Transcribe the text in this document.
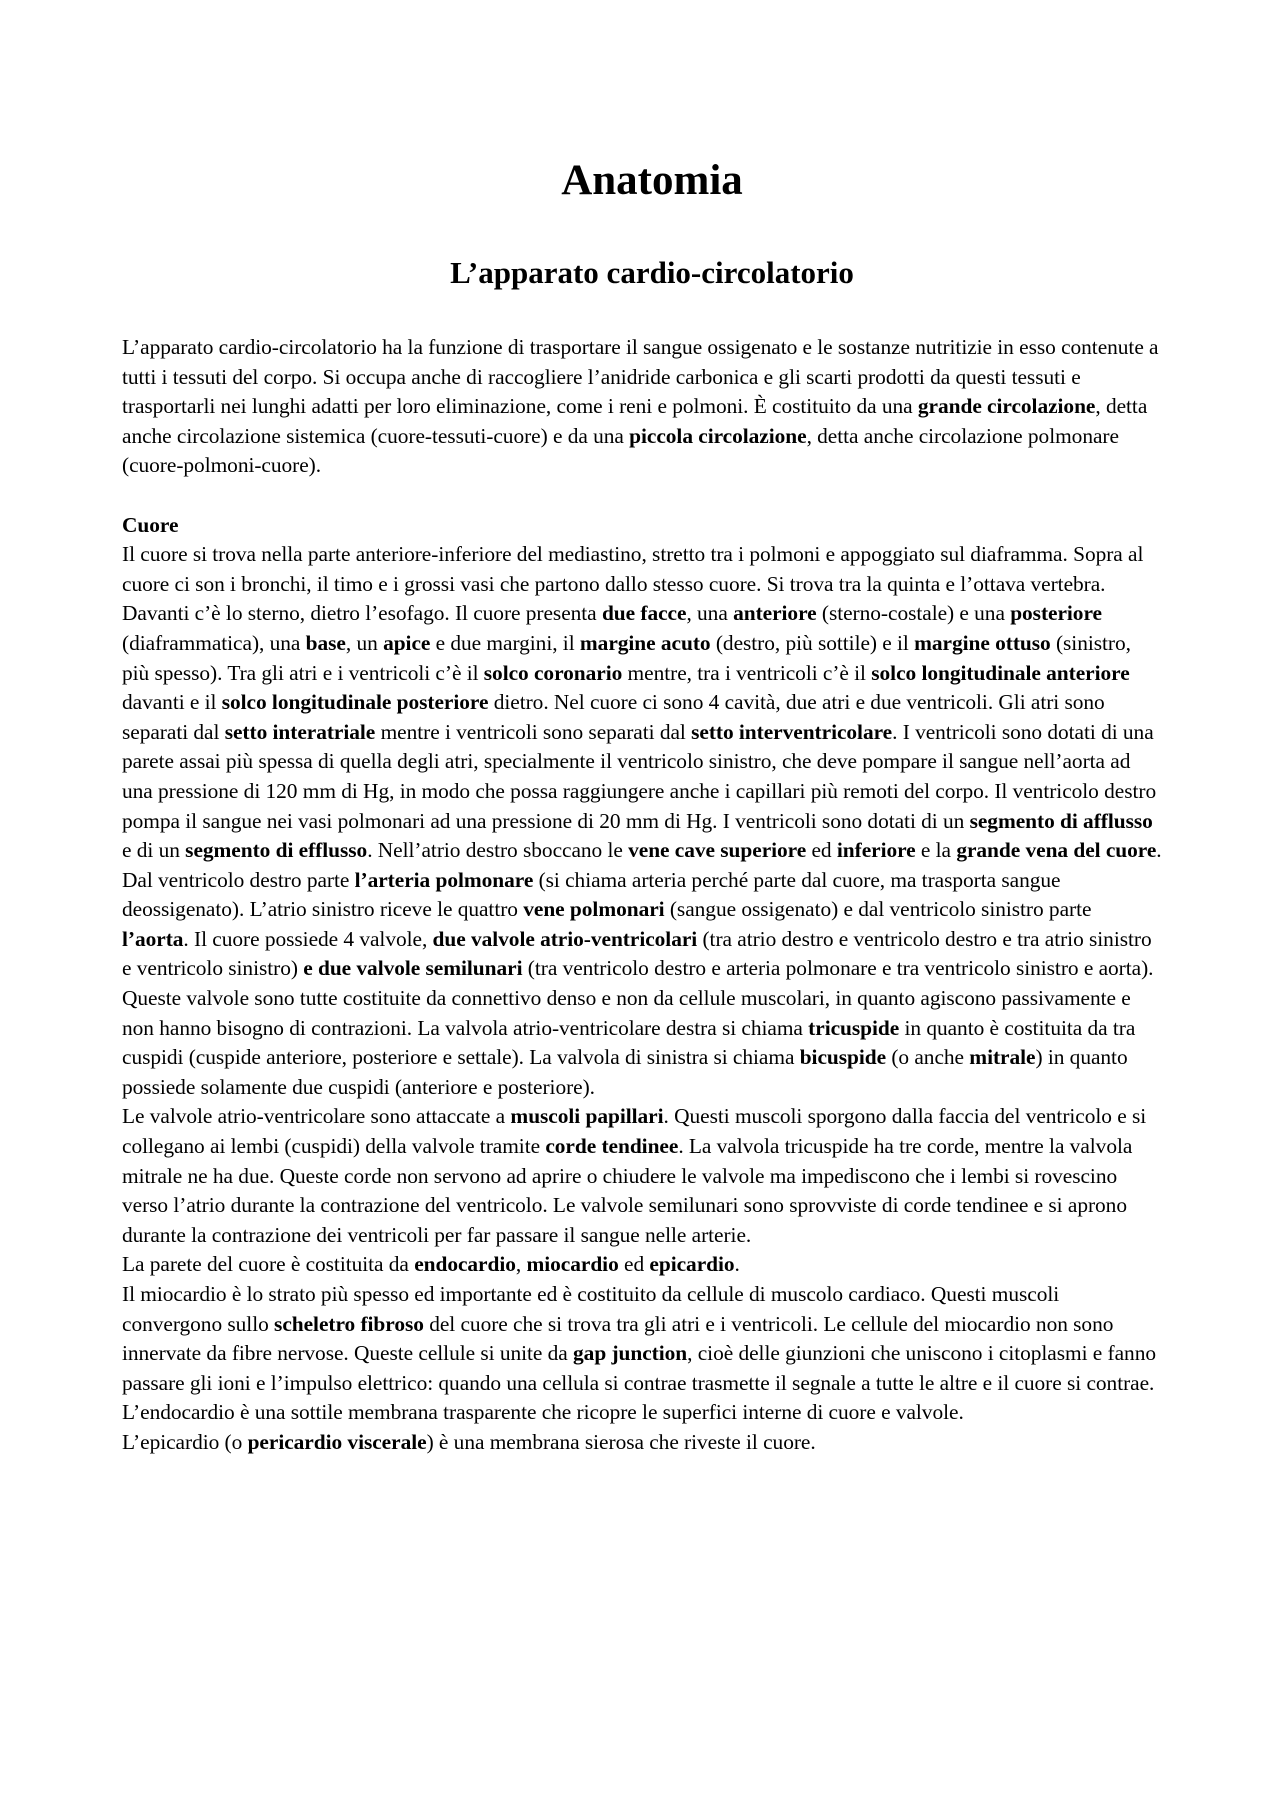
Anatomia
L’apparato cardio-circolatorio

L’apparato cardio-circolatorio ha la funzione di trasportare il sangue ossigenato e le sostanze nutritizie in esso contenute a tutti i tessuti del corpo. Si occupa anche di raccogliere l’anidride carbonica e gli scarti prodotti da questi tessuti e trasportarli nei lunghi adatti per loro eliminazione, come i reni e polmoni. È costituito da una grande circolazione, detta anche circolazione sistemica (cuore-tessuti-cuore) e da una piccola circolazione, detta anche circolazione polmonare (cuore-polmoni-cuore).

Cuore

Il cuore si trova nella parte anteriore-inferiore del mediastino, stretto tra i polmoni e appoggiato sul diaframma. Sopra al cuore ci son i bronchi, il timo e i grossi vasi che partono dallo stesso cuore. Si trova tra la quinta e l’ottava vertebra. Davanti c’è lo sterno, dietro l’esofago. Il cuore presenta due facce, una anteriore (sterno-costale) e una posteriore (diaframmatica), una base, un apice e due margini, il margine acuto (destro, più sottile) e il margine ottuso (sinistro, più spesso). Tra gli atri e i ventricoli c’è il solco coronario mentre, tra i ventricoli c’è il solco longitudinale anteriore davanti e il solco longitudinale posteriore dietro. Nel cuore ci sono 4 cavità, due atri e due ventricoli. Gli atri sono separati dal setto interatriale mentre i ventricoli sono separati dal setto interventricolare. I ventricoli sono dotati di una parete assai più spessa di quella degli atri, specialmente il ventricolo sinistro, che deve pompare il sangue nell’aorta ad una pressione di 120 mm di Hg, in modo che possa raggiungere anche i capillari più remoti del corpo. Il ventricolo destro pompa il sangue nei vasi polmonari ad una pressione di 20 mm di Hg. I ventricoli sono dotati di un segmento di afflusso e di un segmento di efflusso. Nell’atrio destro sboccano le vene cave superiore ed inferiore e la grande vena del cuore. Dal ventricolo destro parte l’arteria polmonare (si chiama arteria perché parte dal cuore, ma trasporta sangue deossigenato). L’atrio sinistro riceve le quattro vene polmonari (sangue ossigenato) e dal ventricolo sinistro parte l’aorta. Il cuore possiede 4 valvole, due valvole atrio-ventricolari (tra atrio destro e ventricolo destro e tra atrio sinistro e ventricolo sinistro) e due valvole semilunari (tra ventricolo destro e arteria polmonare e tra ventricolo sinistro e aorta). Queste valvole sono tutte costituite da connettivo denso e non da cellule muscolari, in quanto agiscono passivamente e non hanno bisogno di contrazioni. La valvola atrio-ventricolare destra si chiama tricuspide in quanto è costituita da tra cuspidi (cuspide anteriore, posteriore e settale). La valvola di sinistra si chiama bicuspide (o anche mitrale) in quanto possiede solamente due cuspidi (anteriore e posteriore).

Le valvole atrio-ventricolare sono attaccate a muscoli papillari. Questi muscoli sporgono dalla faccia del ventricolo e si collegano ai lembi (cuspidi) della valvole tramite corde tendinee. La valvola tricuspide ha tre corde, mentre la valvola mitrale ne ha due. Queste corde non servono ad aprire o chiudere le valvole ma impediscono che i lembi si rovescino verso l’atrio durante la contrazione del ventricolo. Le valvole semilunari sono sprovviste di corde tendinee e si aprono durante la contrazione dei ventricoli per far passare il sangue nelle arterie.

La parete del cuore è costituita da endocardio, miocardio ed epicardio.

Il miocardio è lo strato più spesso ed importante ed è costituito da cellule di muscolo cardiaco. Questi muscoli convergono sullo scheletro fibroso del cuore che si trova tra gli atri e i ventricoli. Le cellule del miocardio non sono innervate da fibre nervose. Queste cellule si unite da gap junction, cioè delle giunzioni che uniscono i citoplasmi e fanno passare gli ioni e l’impulso elettrico: quando una cellula si contrae trasmette il segnale a tutte le altre e il cuore si contrae.

L’endocardio è una sottile membrana trasparente che ricopre le superfici interne di cuore e valvole.

L’epicardio (o pericardio viscerale) è una membrana sierosa che riveste il cuore.
